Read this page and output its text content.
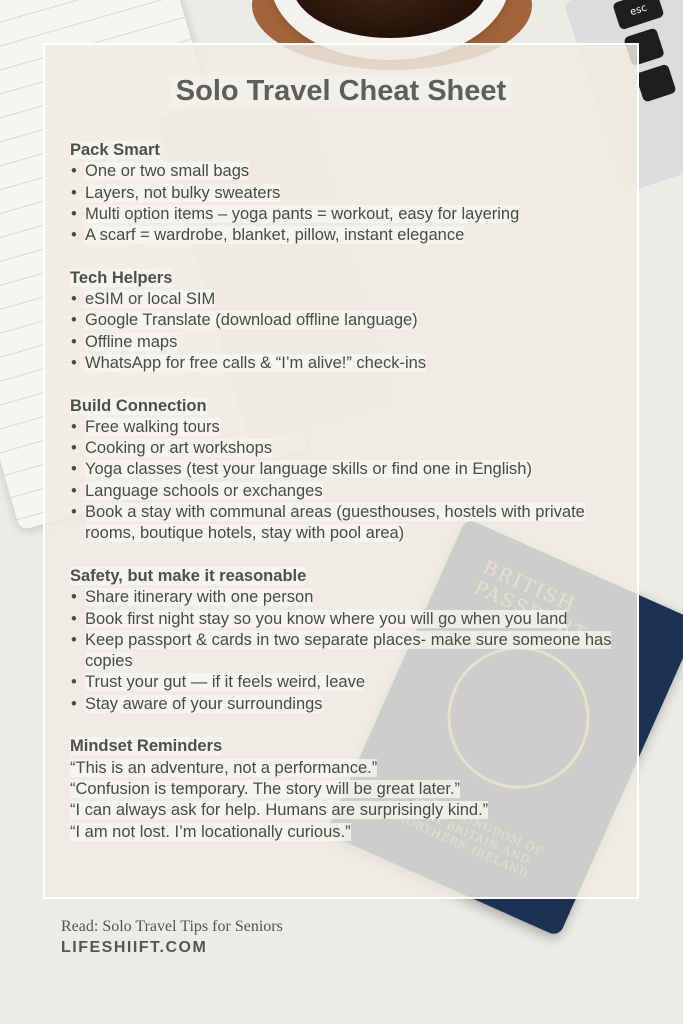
esc
Solo Travel Cheat Sheet
Pack Smart
• One or two small bags
• Layers, not bulky sweaters
• Multi option items – yoga pants = workout, easy for layering
• A scarf = wardrobe, blanket, pillow, instant elegance
Tech Helpers
• eSIM or local SIM
• Google Translate (download offline language)
• Offline maps
• WhatsApp for free calls & “I’m alive!” check-ins
Build Connection
• Free walking tours
• Cooking or art workshops
• Yoga classes (test your language skills or find one in English)
• Language schools or exchanges
• Book a stay with communal areas (guesthouses, hostels with private rooms, boutique hotels, stay with pool area)
Safety, but make it reasonable
• Share itinerary with one person
• Book first night stay so you know where you will go when you land
• Keep passport & cards in two separate places- make sure someone has copies
• Trust your gut — if it feels weird, leave
• Stay aware of your surroundings
Mindset Reminders
“This is an adventure, not a performance.”
“Confusion is temporary. The story will be great later.”
“I can always ask for help. Humans are surprisingly kind.”
“I am not lost. I’m locationally curious.”
Read: Solo Travel Tips for Seniors
LIFESHIIFT.COM
